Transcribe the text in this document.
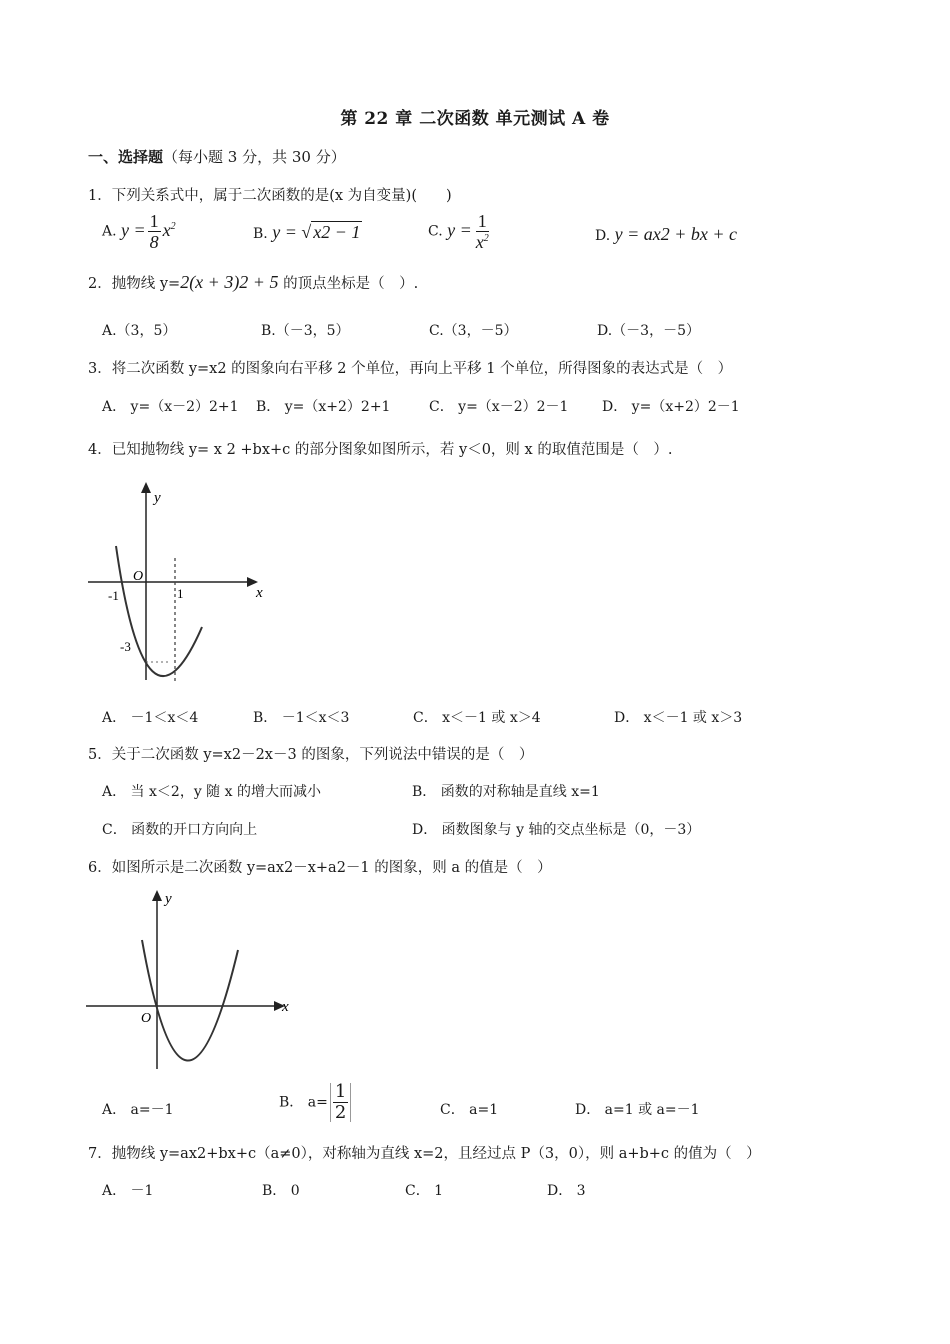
第 22 章 二次函数 单元测试 A 卷
一、选择题（每小题 3 分，共 30 分）
1．下列关系式中，属于二次函数的是(x 为自变量)(　　)
A. $y = \frac{1}{8} x^2$	B. y = √ x2 − 1	C. $y = \frac{1}{x^2}$	D. y = ax2 + bx + c
2．抛物线 y=2(x + 3)2 + 5 的顶点坐标是（　）.
A.（3，5）	B.（－3，5）	C.（3，－5）	D.（－3，－5）
3．将二次函数 y=x2 的图象向右平移 2 个单位，再向上平移 1 个单位，所得图象的表达式是（　）
A． y=（x－2）2+1 B． y=（x+2）2+1	C． y=（x－2）2－1 D． y=（x+2）2－1
4．已知抛物线 y= x 2 +bx+c 的部分图象如图所示，若 y＜0，则 x 的取值范围是（　）.
y
x
O
-1	1
-3
A． －1＜x＜4	B． －1＜x＜3	C． x＜－1 或 x＞4	D． x＜－1 或 x＞3
5．关于二次函数 y=x2－2x－3 的图象，下列说法中错误的是（　）
A． 当 x＜2，y 随 x 的增大而减小	B． 函数的对称轴是直线 x=1
C． 函数的开口方向向上	D． 函数图象与 y 轴的交点坐标是（0，－3）
6．如图所示是二次函数 y=ax2－x+a2－1 的图象，则 a 的值是（　）
y
x
O
A． a=－1	B． $a= \frac{1}{2}$	C． a=1	D． a=1 或 a=－1
7．抛物线 y=ax2+bx+c（a≠0），对称轴为直线 x=2，且经过点 P（3，0），则 a+b+c 的值为（　）
A． －1	B． 0	C． 1	D． 3
